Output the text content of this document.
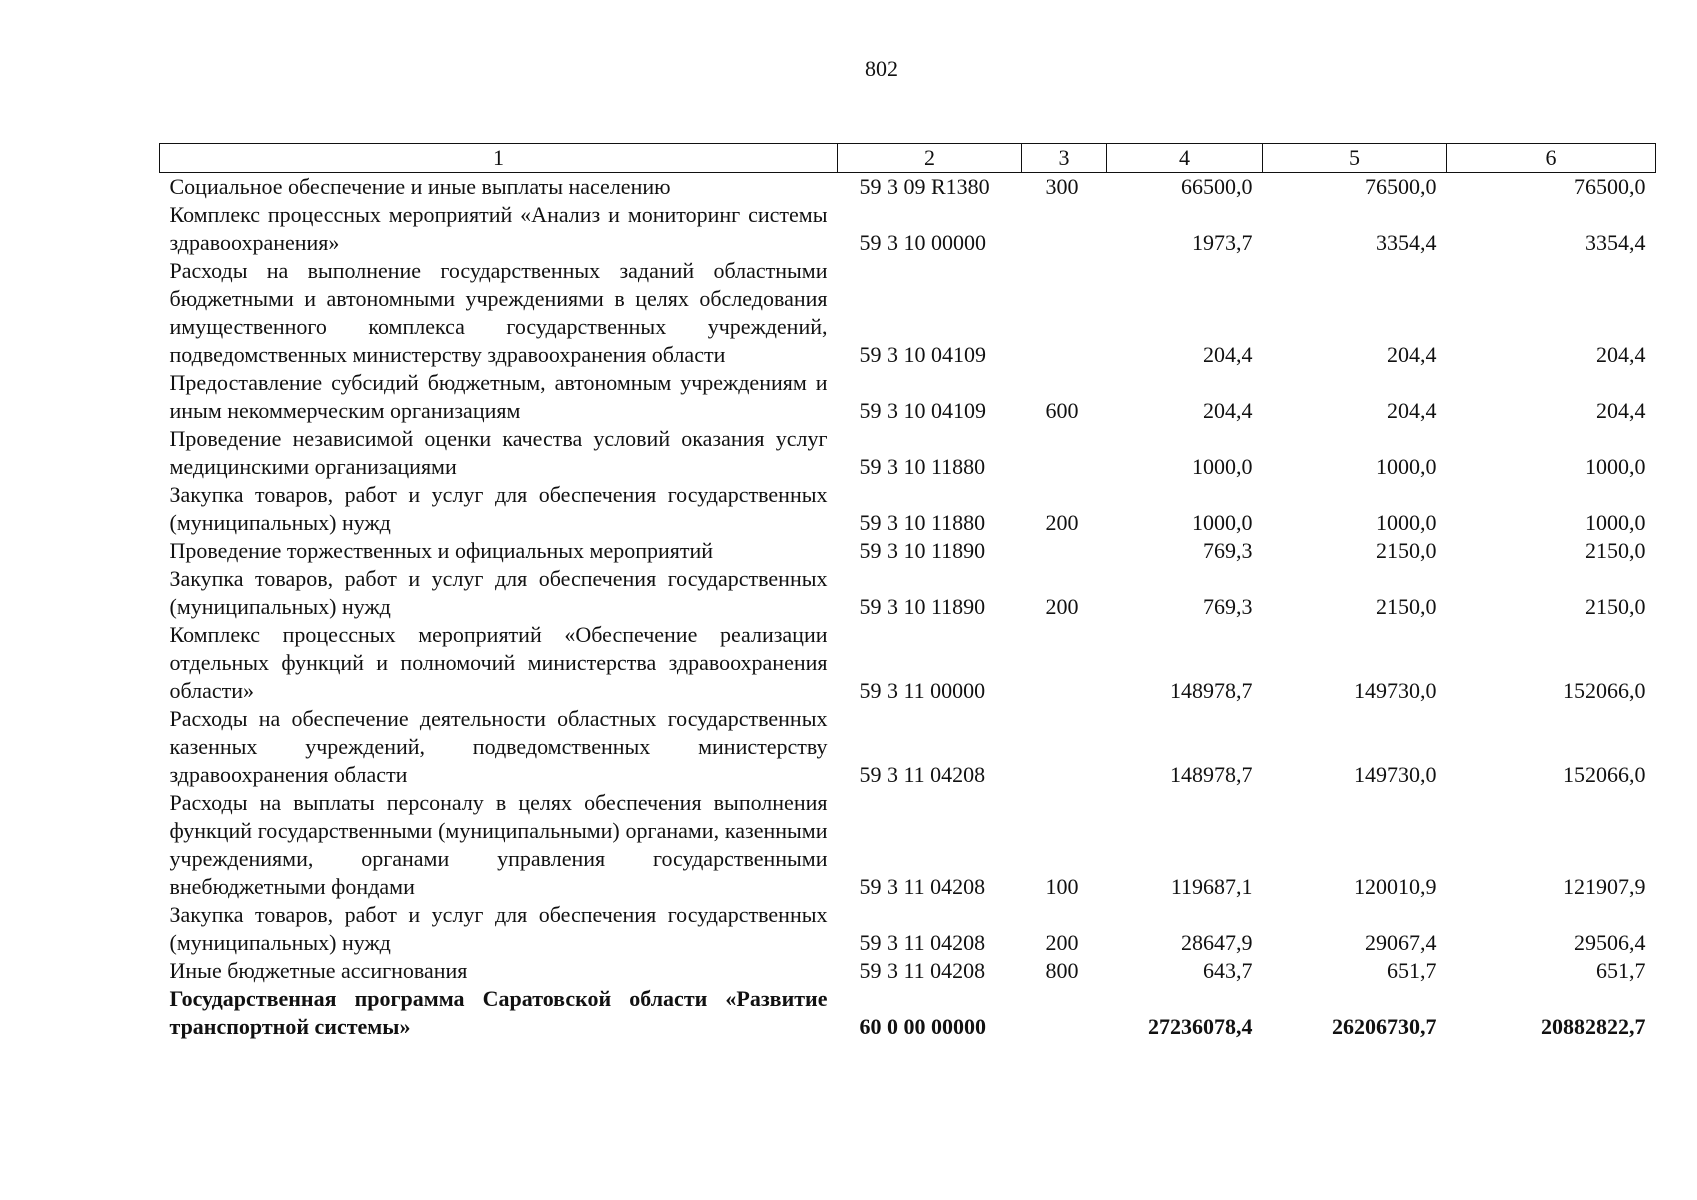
802
1	2	3	4	5	6
Социальное обеспечение и иные выплаты населению	59 3 09 R1380	300	66500,0	76500,0	76500,0
Комплекс процессных мероприятий «Анализ и мониторинг системы здравоохранения»	59 3 10 00000		1973,7	3354,4	3354,4
Расходы на выполнение государственных заданий областными бюджетными и автономными учреждениями в целях обследования имущественного комплекса государственных учреждений, подведомственных министерству здравоохранения области	59 3 10 04109		204,4	204,4	204,4
Предоставление субсидий бюджетным, автономным учреждениям и иным некоммерческим организациям	59 3 10 04109	600	204,4	204,4	204,4
Проведение независимой оценки качества условий оказания услуг медицинскими организациями	59 3 10 11880		1000,0	1000,0	1000,0
Закупка товаров, работ и услуг для обеспечения государственных (муниципальных) нужд	59 3 10 11880	200	1000,0	1000,0	1000,0
Проведение торжественных и официальных мероприятий	59 3 10 11890		769,3	2150,0	2150,0
Закупка товаров, работ и услуг для обеспечения государственных (муниципальных) нужд	59 3 10 11890	200	769,3	2150,0	2150,0
Комплекс процессных мероприятий «Обеспечение реализации отдельных функций и полномочий министерства здравоохранения области»	59 3 11 00000		148978,7	149730,0	152066,0
Расходы на обеспечение деятельности областных государственных казенных учреждений, подведомственных министерству здравоохранения области	59 3 11 04208		148978,7	149730,0	152066,0
Расходы на выплаты персоналу в целях обеспечения выполнения функций государственными (муниципальными) органами, казенными учреждениями, органами управления государственными внебюджетными фондами	59 3 11 04208	100	119687,1	120010,9	121907,9
Закупка товаров, работ и услуг для обеспечения государственных (муниципальных) нужд	59 3 11 04208	200	28647,9	29067,4	29506,4
Иные бюджетные ассигнования	59 3 11 04208	800	643,7	651,7	651,7
Государственная программа Саратовской области «Развитие транспортной системы»	60 0 00 00000		27236078,4	26206730,7	20882822,7
